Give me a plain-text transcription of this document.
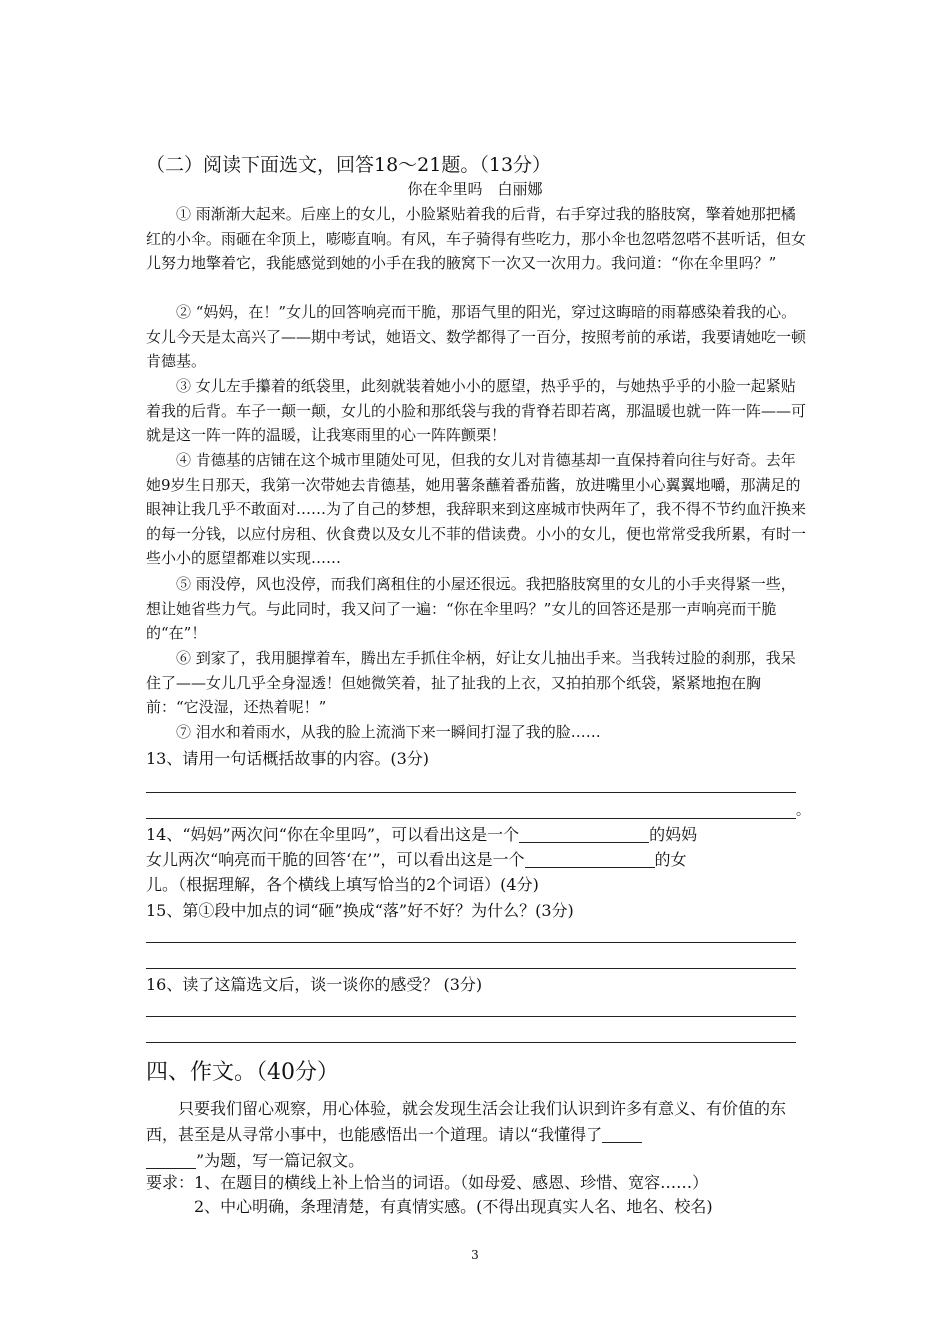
（二）阅读下面选文，回答18～21题。（13分）
你在伞里吗　白丽娜
　　① 雨渐渐大起来。后座上的女儿，小脸紧贴着我的后背，右手穿过我的胳肢窝，擎着她那把橘红的小伞。雨砸在伞顶上，嘭嘭直响。有风，车子骑得有些吃力，那小伞也忽嗒忽嗒不甚听话，但女儿努力地擎着它，我能感觉到她的小手在我的腋窝下一次又一次用力。我问道：“你在伞里吗？”
　　② “妈妈，在！”女儿的回答响亮而干脆，那语气里的阳光，穿过这晦暗的雨幕感染着我的心。女儿今天是太高兴了——期中考试，她语文、数学都得了一百分，按照考前的承诺，我要请她吃一顿肯德基。
　　③ 女儿左手攥着的纸袋里，此刻就装着她小小的愿望，热乎乎的，与她热乎乎的小脸一起紧贴着我的后背。车子一颠一颠，女儿的小脸和那纸袋与我的背脊若即若离，那温暖也就一阵一阵——可就是这一阵一阵的温暖，让我寒雨里的心一阵阵颤栗！
　　④ 肯德基的店铺在这个城市里随处可见，但我的女儿对肯德基却一直保持着向往与好奇。去年她9岁生日那天，我第一次带她去肯德基，她用薯条蘸着番茄酱，放进嘴里小心翼翼地嚼，那满足的眼神让我几乎不敢面对……为了自己的梦想，我辞职来到这座城市快两年了，我不得不节约血汗换来的每一分钱，以应付房租、伙食费以及女儿不菲的借读费。小小的女儿，便也常常受我所累，有时一些小小的愿望都难以实现……
　　⑤ 雨没停，风也没停，而我们离租住的小屋还很远。我把胳肢窝里的女儿的小手夹得紧一些，想让她省些力气。与此同时，我又问了一遍：“你在伞里吗？”女儿的回答还是那一声响亮而干脆的“在”！
　　⑥ 到家了，我用腿撑着车，腾出左手抓住伞柄，好让女儿抽出手来。当我转过脸的刹那，我呆住了——女儿几乎全身湿透！但她微笑着，扯了扯我的上衣，又拍拍那个纸袋，紧紧地抱在胸前：“它没湿，还热着呢！”
　　⑦ 泪水和着雨水，从我的脸上流淌下来一瞬间打湿了我的脸……
13、请用一句话概括故事的内容。(3分)
。
14、“妈妈”两次问“你在伞里吗”，可以看出这是一个	的妈妈
女儿两次“响亮而干脆的回答‘在’”，可以看出这是一个	的女
儿。（根据理解，各个横线上填写恰当的2个词语）(4分)
15、第①段中加点的词“砸”换成“落”好不好？为什么？(3分)
16、读了这篇选文后，谈一谈你的感受？ (3分)
四、作文。（40分）
　　只要我们留心观察，用心体验，就会发现生活会让我们认识到许多有意义、有价值的东西，甚至是从寻常小事中，也能感悟出一个道理。请以“我懂得了
”为题，写一篇记叙文。
要求：1、在题目的横线上补上恰当的词语。（如母爱、感恩、珍惜、宽容……）
　　　2、中心明确，条理清楚，有真情实感。(不得出现真实人名、地名、校名)
3
